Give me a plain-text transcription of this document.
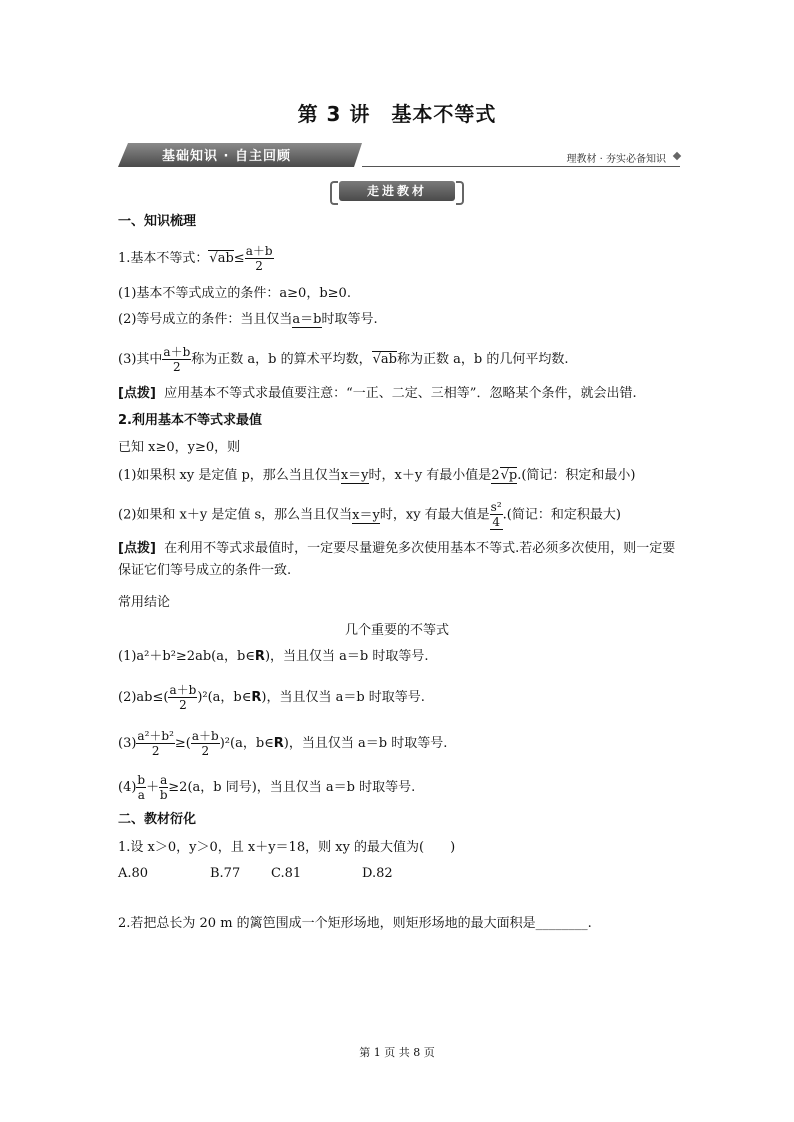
第 3 讲　基本不等式
基础知识 · 自主回顾	理教材 · 夯实必备知识
走进教材
一、知识梳理
1.基本不等式： √ $ab\le \frac{a+b}{2}$
(1)基本不等式成立的条件：a≥0，b≥0.
(2)等号成立的条件：当且仅当a＝b时取等号.
(3)其中 $\frac{a+b}{2}$ 称为正数 a，b 的算术平均数， √ ab称为正数 a，b 的几何平均数.
[点拨] 应用基本不等式求最值要注意：“一正、二定、三相等”．忽略某个条件，就会出错.
2.利用基本不等式求最值
已知 x≥0，y≥0，则
(1)如果积 xy 是定值 p，那么当且仅当x＝y时，x＋y 有最小值是2 √ p.(简记：积定和最小)
(2)如果和 x＋y 是定值 s，那么当且仅当x＝y时，xy 有最大值是 $\frac{\text{s²}}{4}$ .(简记：和定积最大)
[点拨] 在利用不等式求最值时，一定要尽量避免多次使用基本不等式.若必须多次使用，则一定要保证它们等号成立的条件一致.
常用结论
几个重要的不等式
(1)a²＋b²≥2ab(a，b∈R)，当且仅当 a＝b 时取等号.
$(2)ab\le( \frac{a+b}{2} )^2(a$，b∈R)，当且仅当 a＝b 时取等号.
$(3) \frac{\text{a²＋b²}}{2}$ ≥( $\frac{a+b}{2} )^2(a$，b∈R)，当且仅当 a＝b 时取等号.
$(4) \frac{b}{a} + \frac{a}{b} \ge 2(a$，b 同号)，当且仅当 a＝b 时取等号.
二、教材衍化
1.设 x＞0，y＞0，且 x＋y＝18，则 xy 的最大值为(　　)
A.80	B.77 C.81	D.82
2.若把总长为 20 m 的篱笆围成一个矩形场地，则矩形场地的最大面积是________.
第 1 页 共 8 页
